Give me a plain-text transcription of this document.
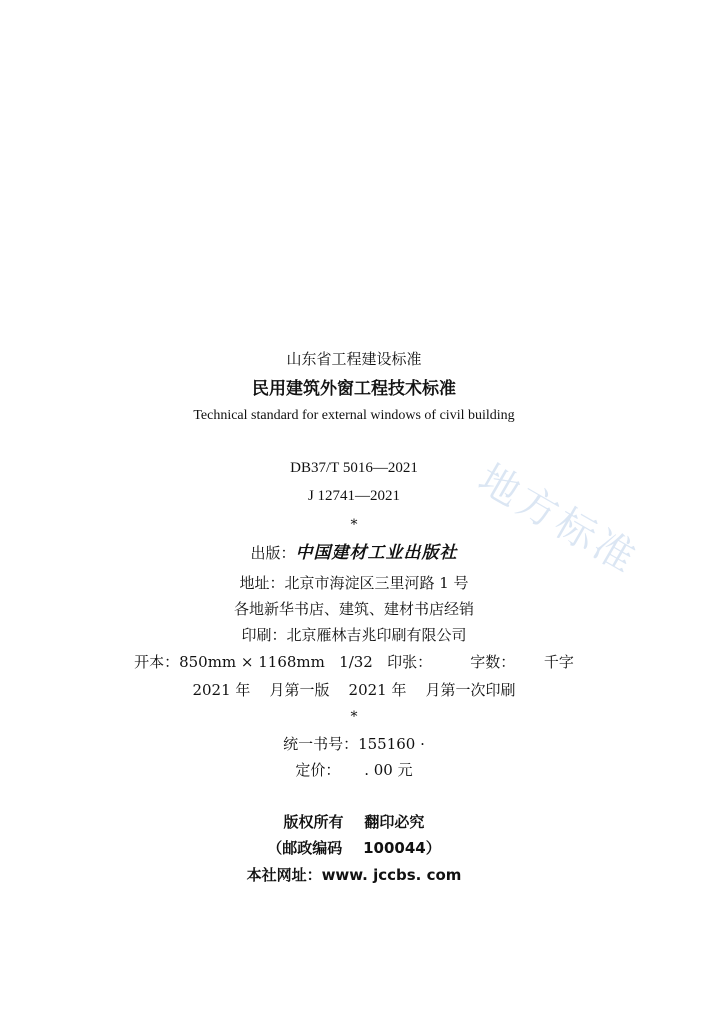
山东省工程建设标准
民用建筑外窗工程技术标准
Technical standard for external windows of civil building
DB37/T 5016—2021
J 12741—2021
*
出版：中国建材工业出版社
地址：北京市海淀区三里河路 1 号
各地新华书店、建筑、建材书店经销
印刷：北京雁林吉兆印刷有限公司
开本：850mm × 1168mm   1/32   印张：        字数：      千字
2021 年    月第一版    2021 年    月第一次印刷
*
统一书号：155160 ·
定价：     . 00 元
版权所有    翻印必究
（邮政编码    100044）
本社网址：www. jccbs. com
地方标准
